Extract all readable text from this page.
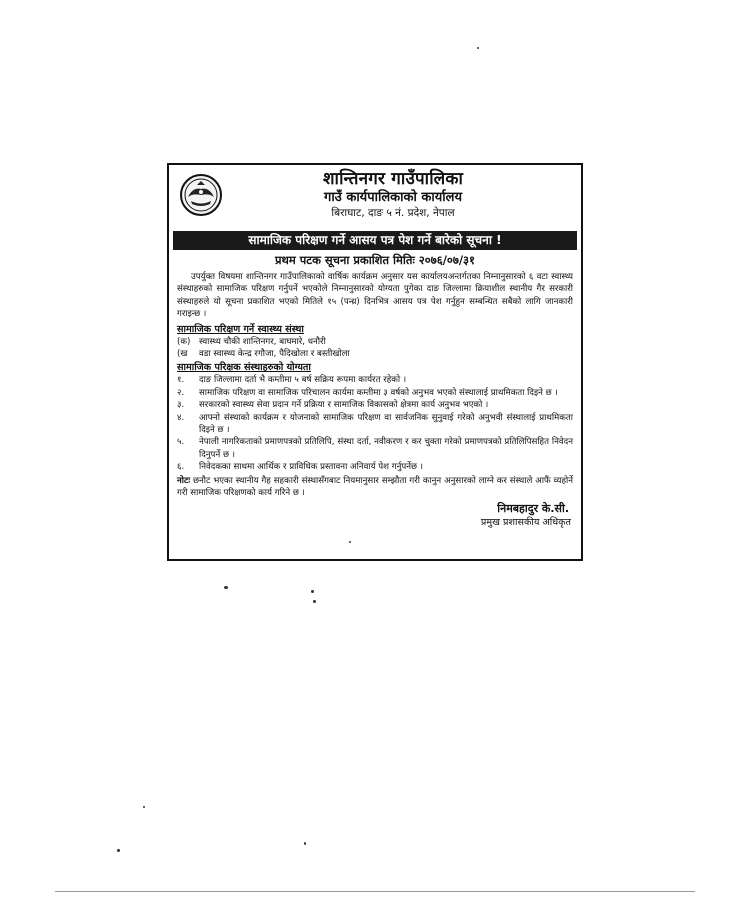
शान्तिनगर गाउँपालिका
गाउँ कार्यपालिकाको कार्यालय
बिराघाट, दाङ ५ नं. प्रदेश, नेपाल
सामाजिक परिक्षण गर्ने आसय पत्र पेश गर्ने बारेको सूचना !
प्रथम पटक सूचना प्रकाशित मितिः २०७६/०७/३१

उपर्युक्त विषयमा शान्तिनगर गाउँपालिकाको वार्षिक कार्यक्रम अनुसार यस कार्यालयअन्तर्गतका निम्नानुसारको ६ वटा स्वास्थ्य संस्थाहरुको सामाजिक परिक्षण गर्नुपर्ने भएकोले निम्नानुसारको योग्यता पुगेका दाङ जिल्लामा क्रियाशील स्थानीय गैर सरकारी संस्थाहरुले यो सूचना प्रकाशित भएको मितिले १५ (पन्ध्र) दिनभित्र आसय पत्र पेश गर्नुहुन सम्बन्धित सबैको लागि जानकारी गराइन्छ ।

सामाजिक परिक्षण गर्ने स्वास्थ्य संस्था
(क)	स्वास्थ्य चौकी शान्तिनगर, बाघमारे, धनौरी
(ख	वडा स्वास्थ्य केन्द्र रगौजा, पैदिखोला र बस्तीखोला
सामाजिक परिक्षक संस्थाहरुको योग्यता
१.	दाङ जिल्लामा दर्ता भै कम्तीमा ५ बर्ष सक्रिय रूपमा कार्यरत रहेको ।
२.	सामाजिक परिक्षण वा सामाजिक परिचालन कार्यमा कम्तीमा ३ वर्षको अनुभव भएको संस्थालाई प्राथमिकता दिइने छ ।
३.	सरकारको स्वास्थ्य सेवा प्रदान गर्ने प्रक्रिया र सामाजिक विकासको क्षेत्रमा कार्य अनुभव भएको ।
४.	आफ्नो संस्थाको कार्यक्रम र योजनाको सामाजिक परिक्षण वा सार्वजनिक सुनुवाई गरेको अनुभवी संस्थालाई प्राथमिकता दिइने छ ।
५.	नेपाली नागरिकताको प्रमाणपत्रको प्रतिलिपि, संस्था दर्ता, नवीकरण र कर चुक्ता गरेको प्रमाणपत्रको प्रतिलिपिसहित निवेदन दिनुपर्ने छ ।
६.	निवेदकका साथमा आर्थिक र प्राविधिक प्रस्तावना अनिवार्य पेश गर्नुपर्नेछ ।

नोटः छनौट भएका स्थानीय गैह सहकारी संस्थासँगबाट नियमानुसार सम्झौता गरी कानुन अनुसारको लाग्ने कर संस्थाले आफैं व्यहोर्ने गरी सामाजिक परिक्षणको कार्य गरिने छ ।

निमबहादुर के.सी.
प्रमुख प्रशासकीय अधिकृत
